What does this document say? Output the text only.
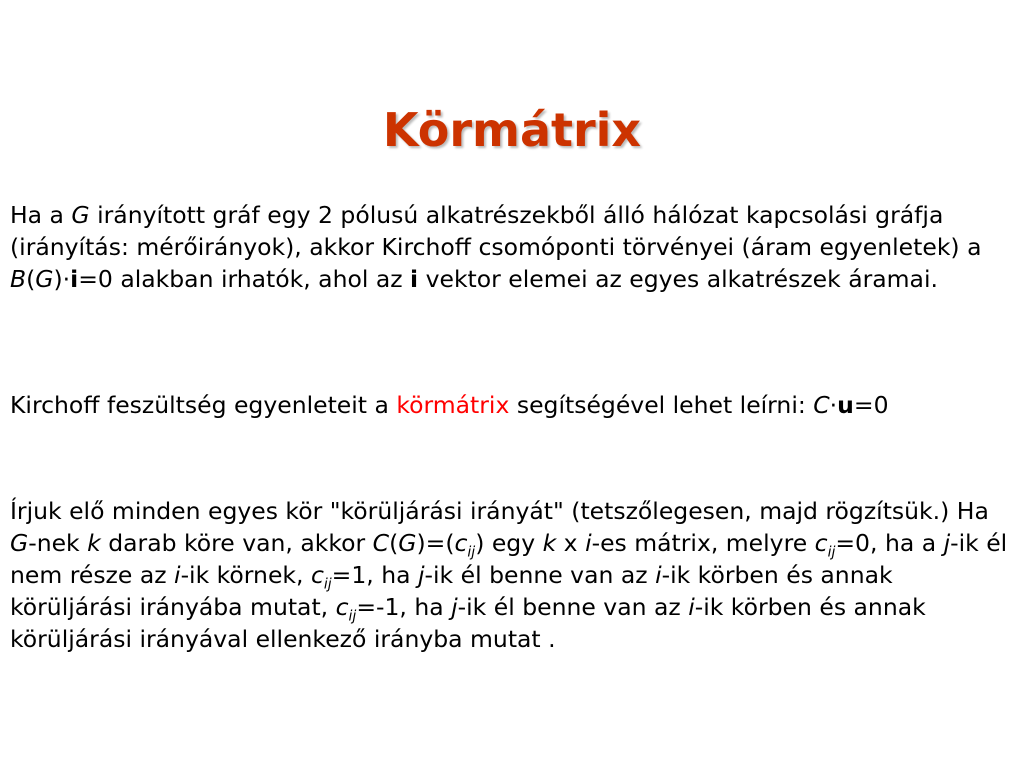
Körmátrix

Ha a G irányított gráf egy 2 pólusú alkatrészekből álló hálózat kapcsolási gráfja (irányítás: mérőirányok), akkor Kirchoff csomóponti törvényei (áram egyenletek) a B(G)·i=0 alakban irhatók, ahol az i vektor elemei az egyes alkatrészek áramai.

Kirchoff feszültség egyenleteit a körmátrix segítségével lehet leírni: C·u=0

Írjuk elő minden egyes kör "körüljárási irányát" (tetszőlegesen, majd rögzítsük.) Ha G-nek k darab köre van, akkor $C(G)=(c_{ij})$ egy k x i-es mátrix, melyre $c_{ij}=0$, ha a j-ik él nem része az i-ik körnek, $c_{ij}=1$, ha j-ik él benne van az i-ik körben és annak körüljárási irányába mutat, $c_{ij}=-1$, ha j-ik él benne van az i-ik körben és annak körüljárási irányával ellenkező irányba mutat .
